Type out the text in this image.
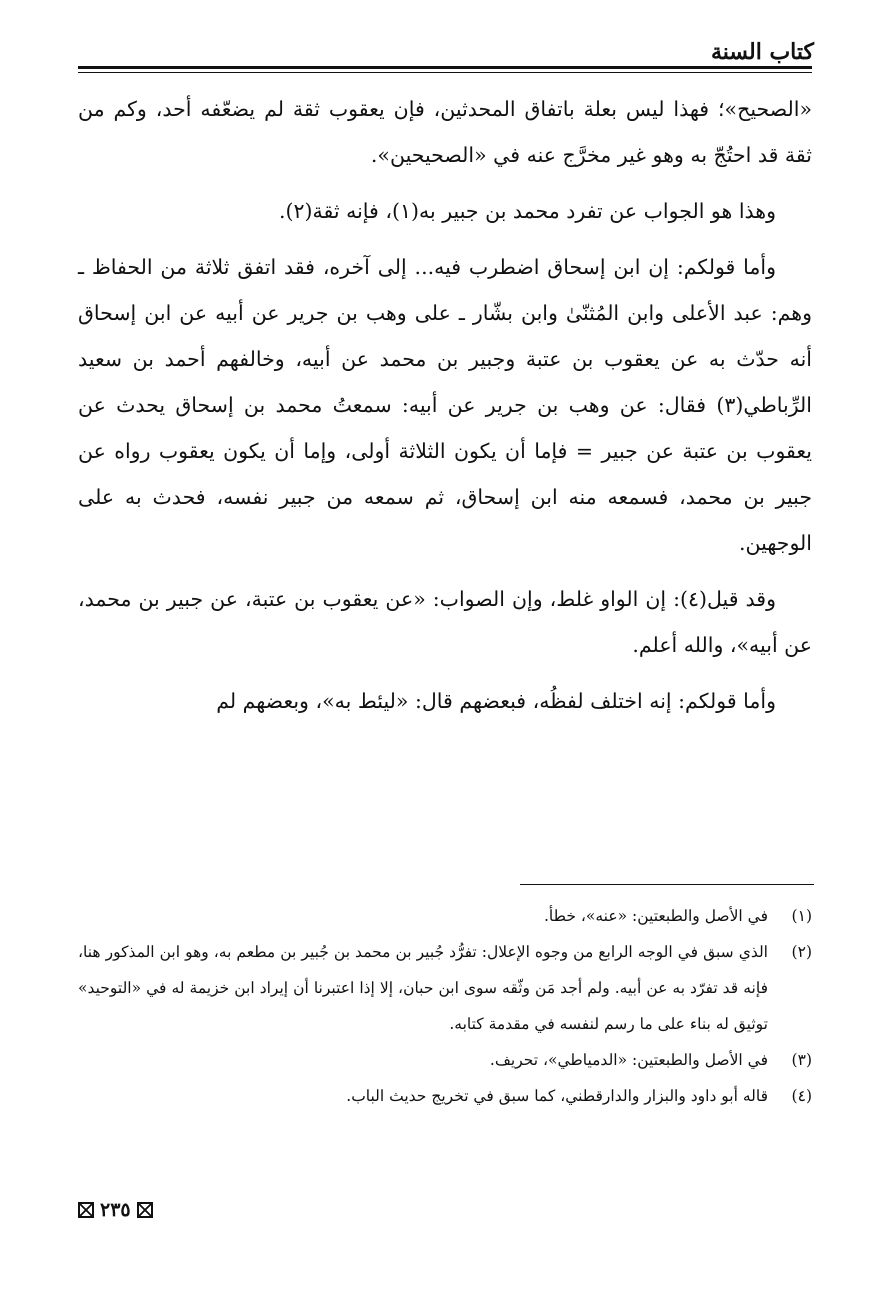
كتاب السنة

«الصحيح»؛ فهذا ليس بعلة باتفاق المحدثين، فإن يعقوب ثقة لم يضعّفه أحد، وكم من ثقة قد احتُجّ به وهو غير مخرَّج عنه في «الصحيحين».

وهذا هو الجواب عن تفرد محمد بن جبير به(١)، فإنه ثقة(٢).

وأما قولكم: إن ابن إسحاق اضطرب فيه... إلى آخره، فقد اتفق ثلاثة من الحفاظ ـ وهم: عبد الأعلى وابن المُثنّىٰ وابن بشّار ـ على وهب بن جرير عن أبيه عن ابن إسحاق أنه حدّث به عن يعقوب بن عتبة وجبير بن محمد عن أبيه، وخالفهم أحمد بن سعيد الرِّباطي(٣) فقال: عن وهب بن جرير عن أبيه: سمعتُ محمد بن إسحاق يحدث عن يعقوب بن عتبة عن جبير = فإما أن يكون الثلاثة أولى، وإما أن يكون يعقوب رواه عن جبير بن محمد، فسمعه منه ابن إسحاق، ثم سمعه من جبير نفسه، فحدث به على الوجهين.

وقد قيل(٤): إن الواو غلط، وإن الصواب: «عن يعقوب بن عتبة، عن جبير بن محمد، عن أبيه»، والله أعلم.

وأما قولكم: إنه اختلف لفظُه، فبعضهم قال: «ليئط به»، وبعضهم لم

(١)
في الأصل والطبعتين: «عنه»، خطأ.
(٢)
الذي سبق في الوجه الرابع من وجوه الإعلال: تفرُّد جُبير بن محمد بن جُبير بن مطعم به، وهو ابن المذكور هنا، فإنه قد تفرّد به عن أبيه. ولم أجد مَن وثّقه سوى ابن حبان، إلا إذا اعتبرنا أن إيراد ابن خزيمة له في «التوحيد» توثيق له بناء على ما رسم لنفسه في مقدمة كتابه.
(٣)
في الأصل والطبعتين: «الدمياطي»، تحريف.
(٤)
قاله أبو داود والبزار والدارقطني، كما سبق في تخريج حديث الباب.
٢٣٥
